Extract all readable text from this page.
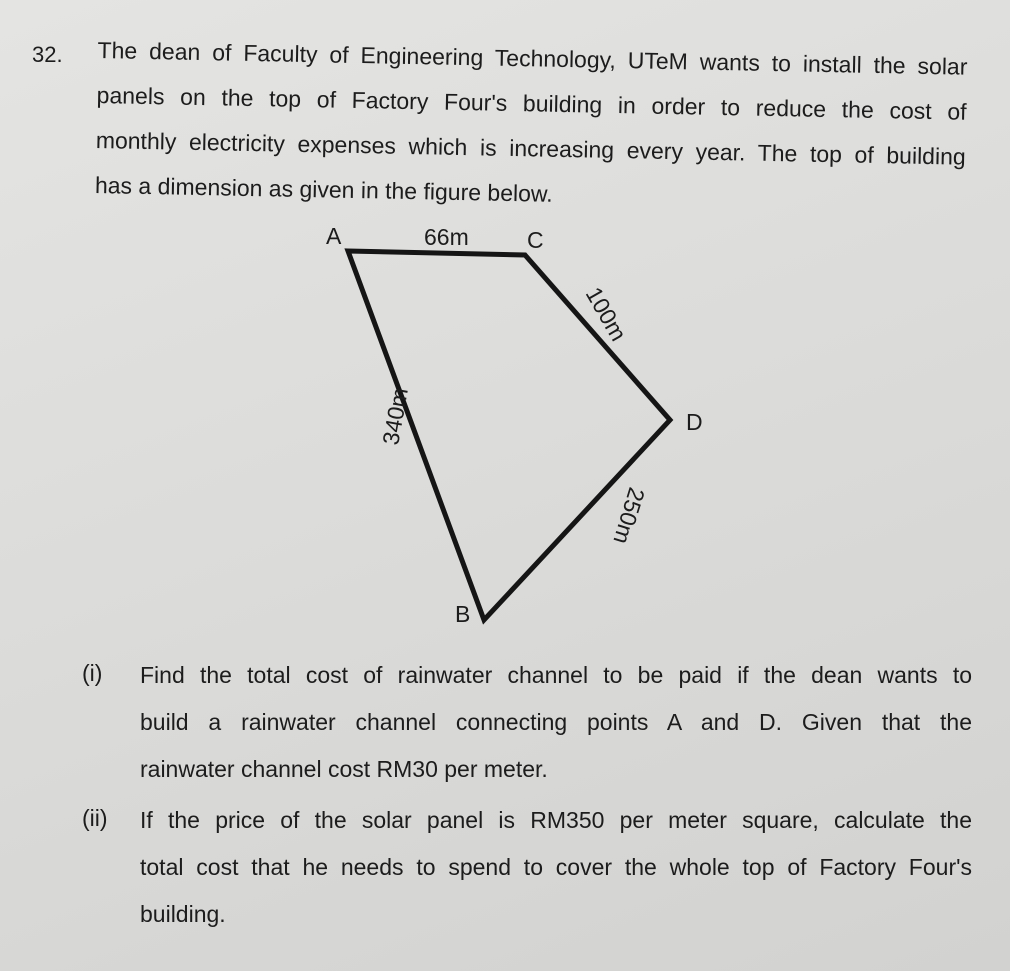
32. The dean of Faculty of Engineering Technology, UTeM wants to install the solar
panels on the top of Factory Four's building in order to reduce the cost of
monthly electricity expenses which is increasing every year. The top of building
has a dimension as given in the figure below.
A	C
D
B
66m
100m
250m
340m
(i) Find the total cost of rainwater channel to be paid if the dean wants to
build a rainwater channel connecting points A and D. Given that the
rainwater channel cost RM30 per meter.
(ii) If the price of the solar panel is RM350 per meter square, calculate the
total cost that he needs to spend to cover the whole top of Factory Four's
building.
